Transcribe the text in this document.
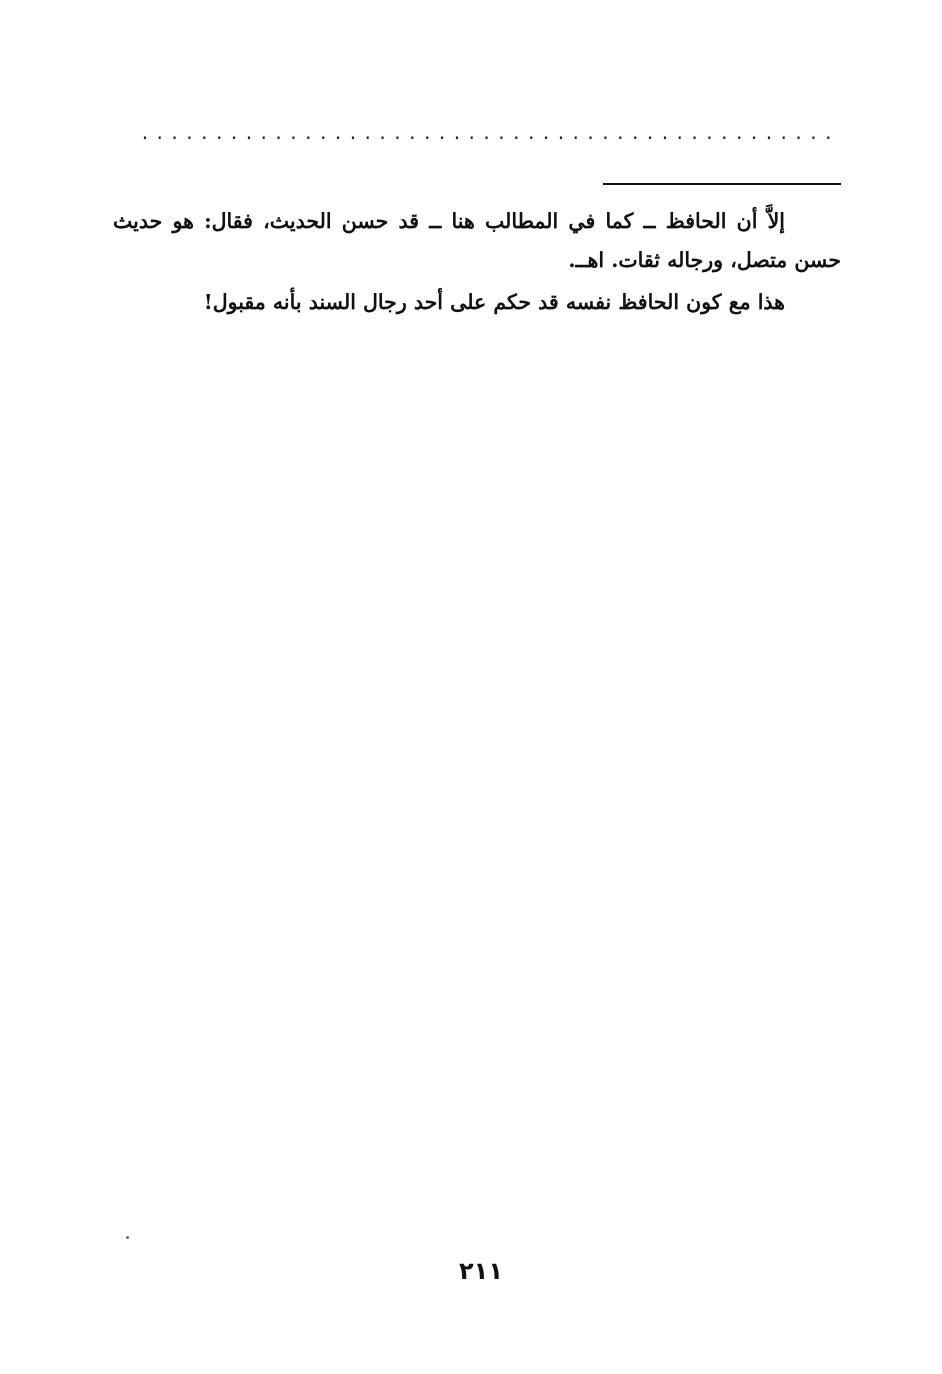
...............................................

إلاَّ أن الحافظ ــ كما في المطالب هنا ــ قد حسن الحديث، فقال: هو حديث حسن متصل، ورجاله ثقات. اهــ.

هذا مع كون الحافظ نفسه قد حكم على أحد رجال السند بأنه مقبول!

٢١١
